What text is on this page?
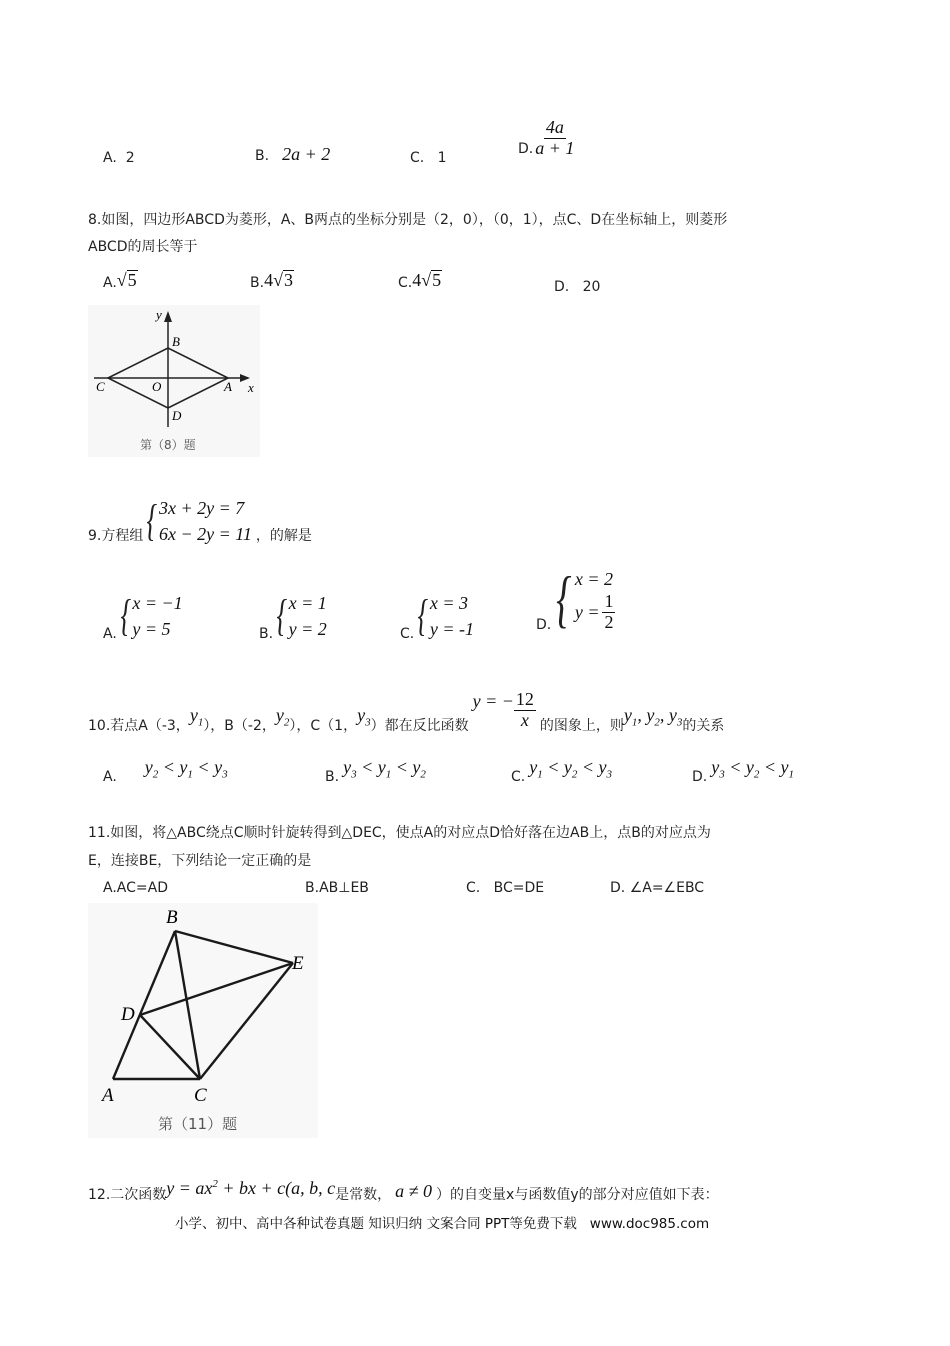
A. 2	B. 2a + 2	C. 1
D. $\frac{4a}{a + 1}$
8.如图，四边形ABCD为菱形，A、B两点的坐标分别是（2，0），（0，1），点C、D在坐标轴上，则菱形
ABCD的周长等于
A. √ 5	B. 4 √ 3	C. 4 √ 5	D. 20
y
x
B
C	O	A
D
第（8）题
9.方程组 { 3x + 2y = 7
6x − 2y = 11 ，的解是
A. { x = −1
y = 5	B. { x = 1
y = 2	C. { x = 3
y = -1	D. { x = 2
$y = \frac{1}{2}$
10.若点A（-3，
$y_1$ ），B（-2，
$y_2$ ），C（1，
$y_3$ ）都在反比函数
y = − $\frac{12}{x}$ 的图象上，则
$y_1$, $y_2$, $y_3$ 的关系
A. $y_2 < y_1 < y_3$	B. $y_3 < y_1 < y_2$	C. $y_1 < y_2 < y_3$	D. $y_3 < y_2 < y_1$
11.如图，将△ABC绕点C顺时针旋转得到△DEC，使点A的对应点D恰好落在边AB上，点B的对应点为
E，连接BE，下列结论一定正确的是
A.AC=AD	B.AB⊥EB	C. BC=DE	D. ∠A=∠EBC
B
E
D
A	C
第（11）题
12.二次函数 $y = ax^2$ + bx + c(a, b, c 是常数， a ≠ 0 ）的自变量x与函数值y的部分对应值如下表：
小学、初中、高中各种试卷真题 知识归纳 文案合同 PPT等免费下载 www.doc985.com
